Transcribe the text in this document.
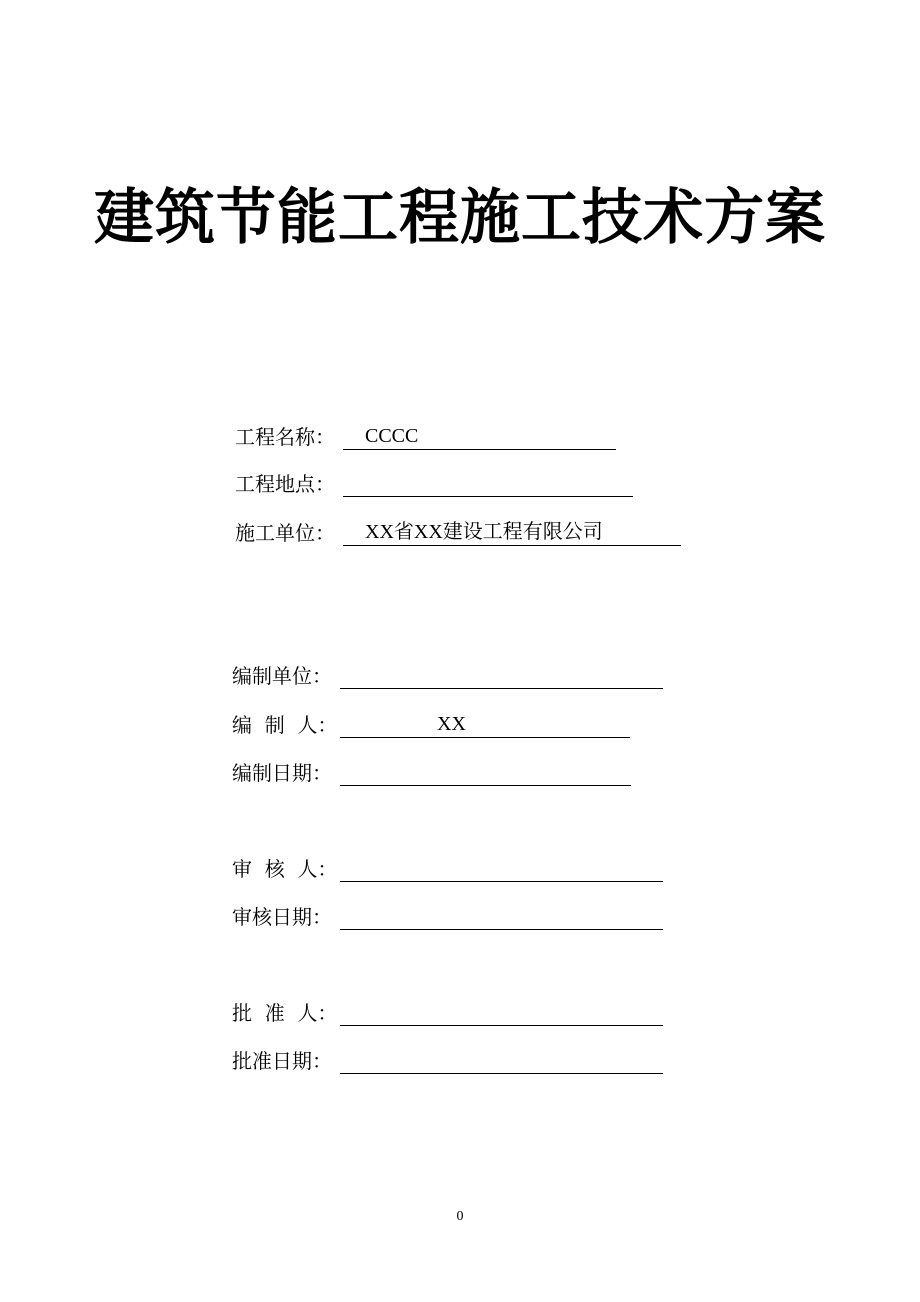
建筑节能工程施工技术方案
工程名称： CCCC
工程地点：
施工单位： XX省XX建设工程有限公司
编制单位：
编  制  人：	XX
编制日期：
审  核  人：
审核日期：
批  准  人：
批准日期：
0
